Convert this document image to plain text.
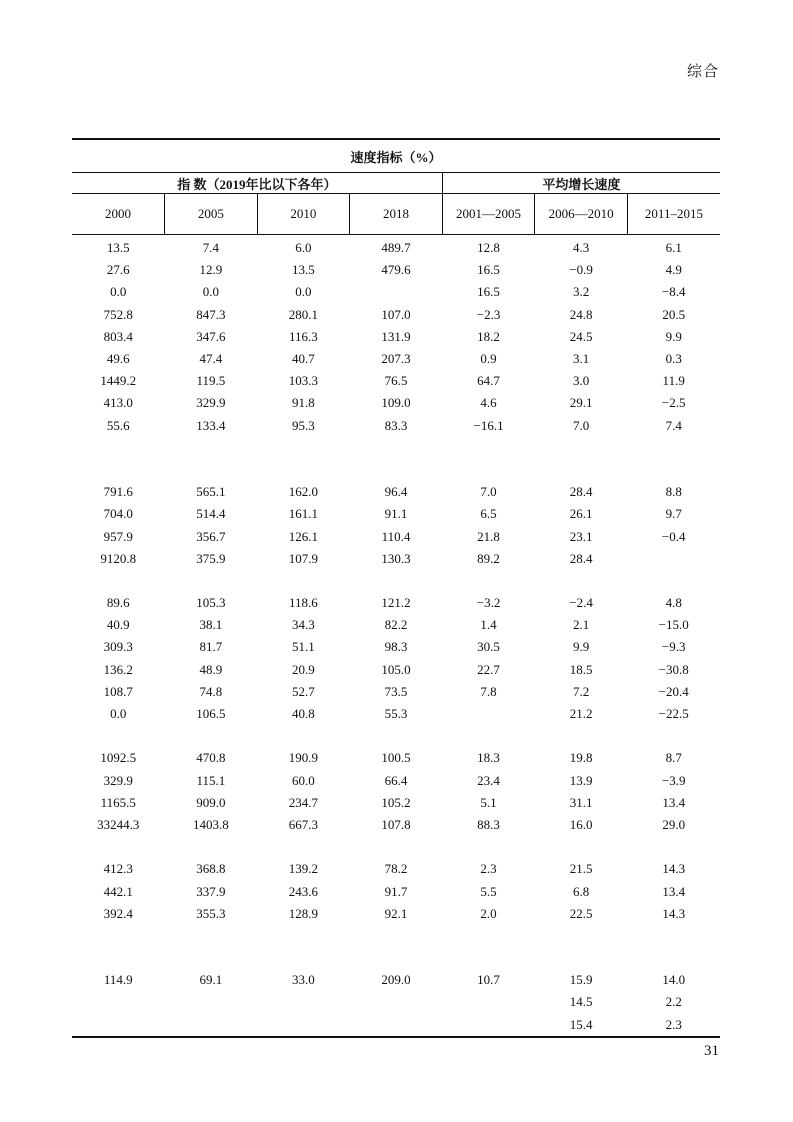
综合
速度指标（%）						
指 数（2019年比以下各年）				平均增长速度		
2000	2005	2010	2018	2001—2005	2006—2010	2011–2015
13.5	7.4	6.0	489.7	12.8	4.3	6.1
27.6	12.9	13.5	479.6	16.5	−0.9	4.9
0.0	0.0	0.0		16.5	3.2	−8.4
752.8	847.3	280.1	107.0	−2.3	24.8	20.5
803.4	347.6	116.3	131.9	18.2	24.5	9.9
49.6	47.4	40.7	207.3	0.9	3.1	0.3
1449.2	119.5	103.3	76.5	64.7	3.0	11.9
413.0	329.9	91.8	109.0	4.6	29.1	−2.5
55.6	133.4	95.3	83.3	−16.1	7.0	7.4

791.6	565.1	162.0	96.4	7.0	28.4	8.8
704.0	514.4	161.1	91.1	6.5	26.1	9.7
957.9	356.7	126.1	110.4	21.8	23.1	−0.4
9120.8	375.9	107.9	130.3	89.2	28.4	

89.6	105.3	118.6	121.2	−3.2	−2.4	4.8
40.9	38.1	34.3	82.2	1.4	2.1	−15.0
309.3	81.7	51.1	98.3	30.5	9.9	−9.3
136.2	48.9	20.9	105.0	22.7	18.5	−30.8
108.7	74.8	52.7	73.5	7.8	7.2	−20.4
0.0	106.5	40.8	55.3		21.2	−22.5

1092.5	470.8	190.9	100.5	18.3	19.8	8.7
329.9	115.1	60.0	66.4	23.4	13.9	−3.9
1165.5	909.0	234.7	105.2	5.1	31.1	13.4
33244.3	1403.8	667.3	107.8	88.3	16.0	29.0

412.3	368.8	139.2	78.2	2.3	21.5	14.3
442.1	337.9	243.6	91.7	5.5	6.8	13.4
392.4	355.3	128.9	92.1	2.0	22.5	14.3

114.9	69.1	33.0	209.0	10.7	15.9	14.0
					14.5	2.2
					15.4	2.3
31
